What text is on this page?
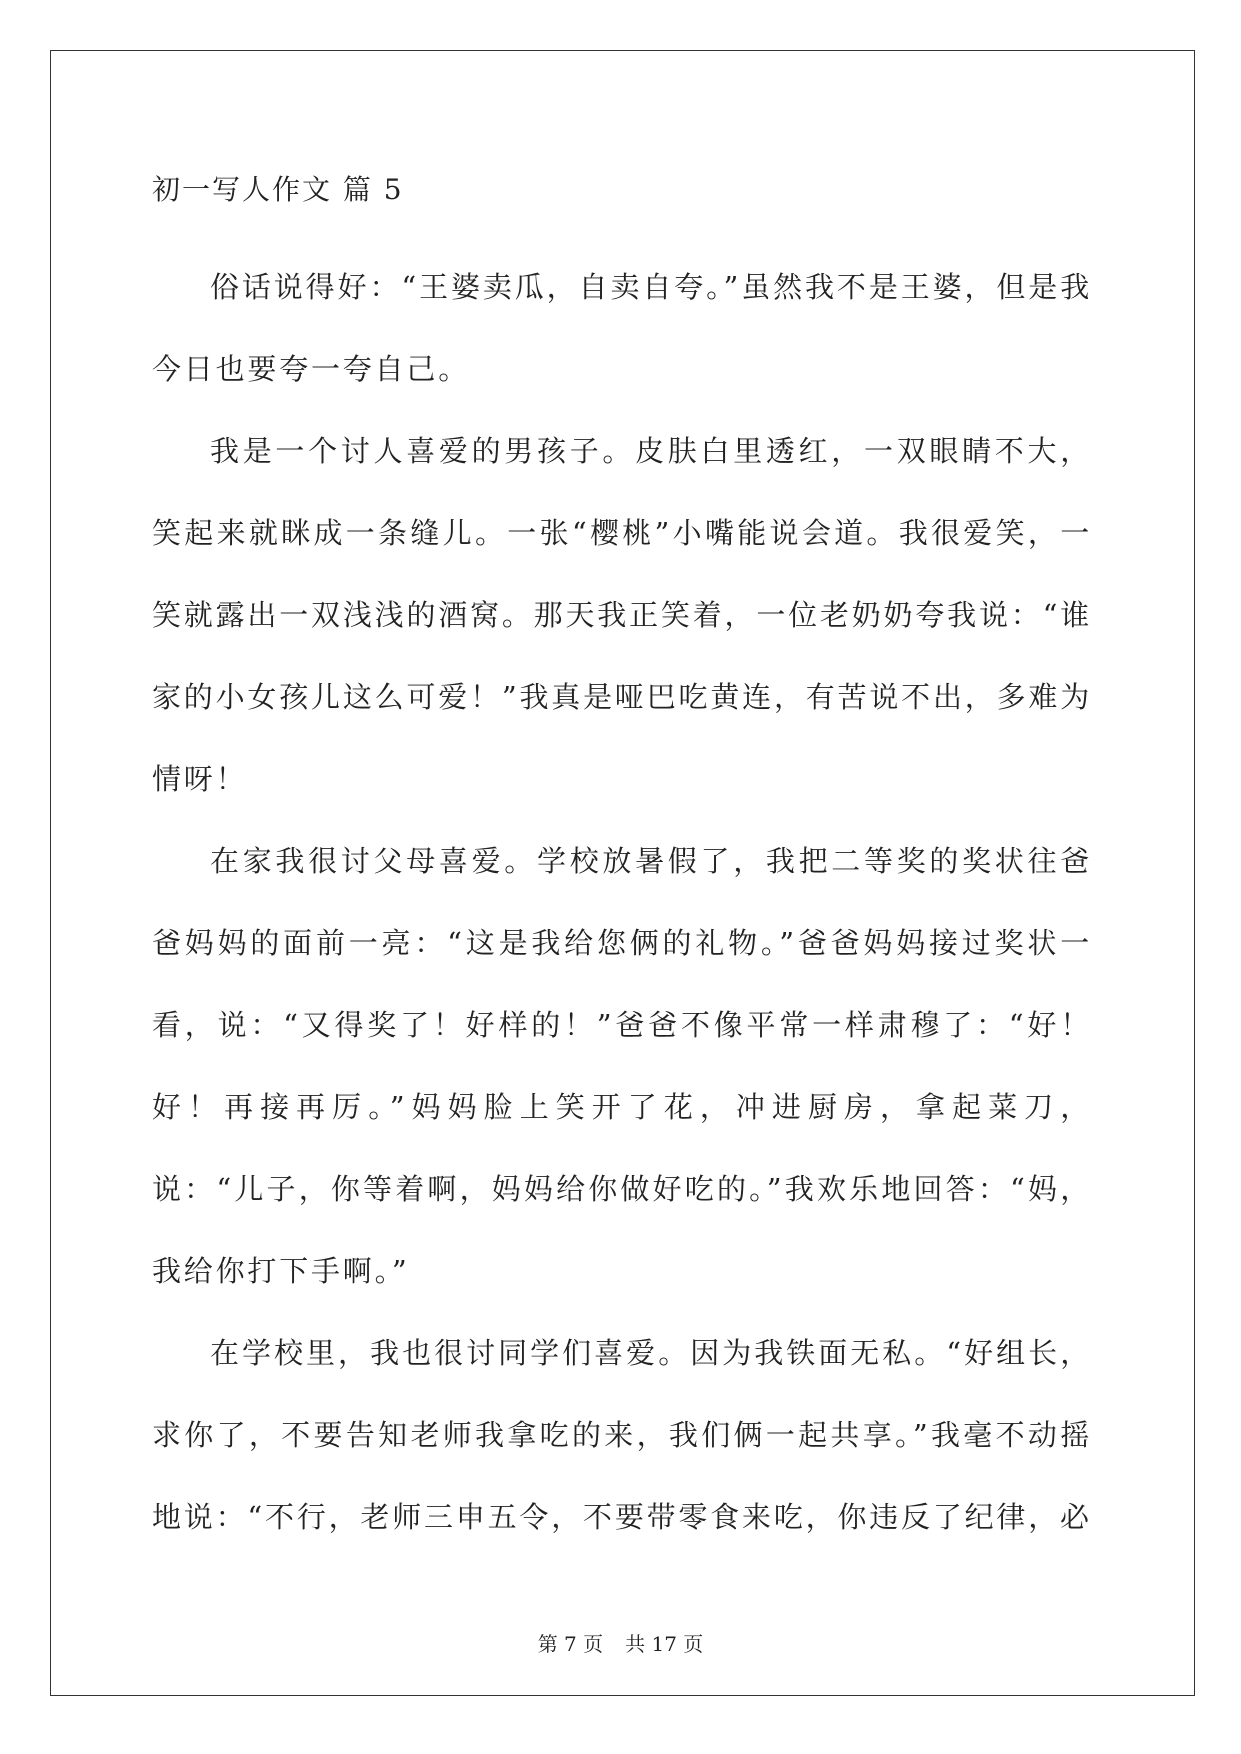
初一写人作文 篇 5

俗话说得好：“王婆卖瓜，自卖自夸。”虽然我不是王婆，但是我今日也要夸一夸自己。

我是一个讨人喜爱的男孩子。皮肤白里透红，一双眼睛不大，笑起来就眯成一条缝儿。一张“樱桃”小嘴能说会道。我很爱笑，一笑就露出一双浅浅的酒窝。那天我正笑着，一位老奶奶夸我说：“谁家的小女孩儿这么可爱！”我真是哑巴吃黄连，有苦说不出，多难为情呀！

在家我很讨父母喜爱。学校放暑假了，我把二等奖的奖状往爸爸妈妈的面前一亮：“这是我给您俩的礼物。”爸爸妈妈接过奖状一看，说：“又得奖了！好样的！”爸爸不像平常一样肃穆了：“好！好！再接再厉。”妈妈脸上笑开了花，冲进厨房，拿起菜刀，说：“儿子，你等着啊，妈妈给你做好吃的。”我欢乐地回答：“妈，我给你打下手啊。”

在学校里，我也很讨同学们喜爱。因为我铁面无私。“好组长，求你了，不要告知老师我拿吃的来，我们俩一起共享。”我毫不动摇地说：“不行，老师三申五令，不要带零食来吃，你违反了纪律，必

第 7 页 共 17 页
